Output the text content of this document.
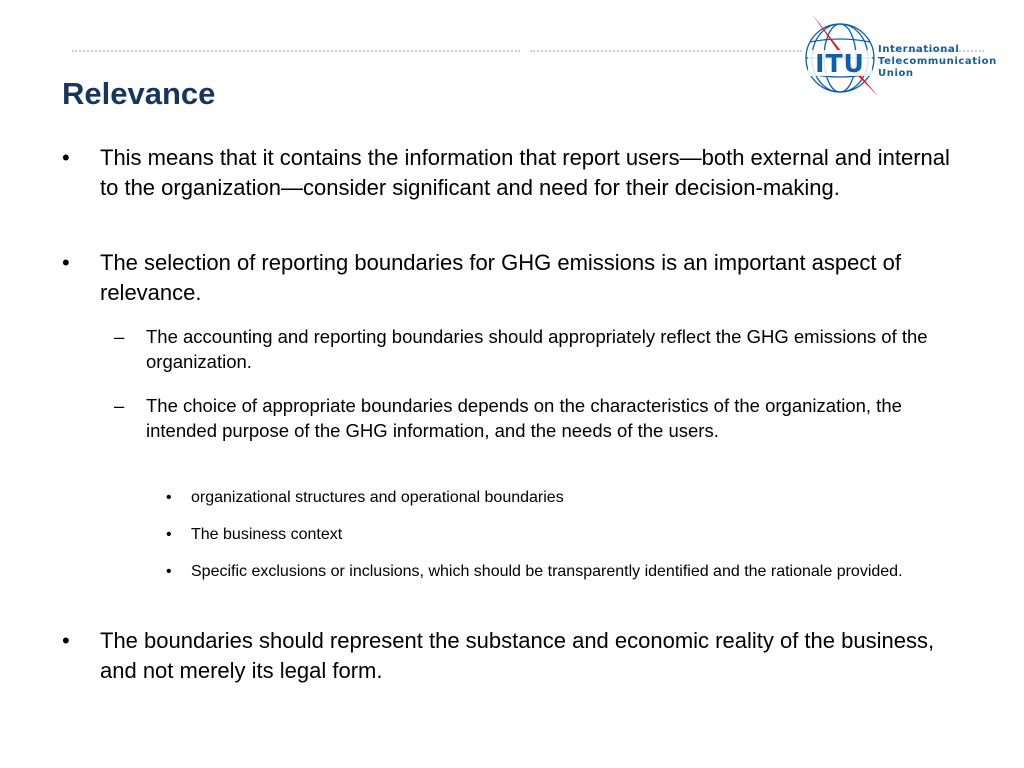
Relevance
ITU International
Telecommunication
Union
•	This means that it contains the information that report users—both external and internal to the organization—consider significant and need for their decision-making.
•	The selection of reporting boundaries for GHG emissions is an important aspect of relevance.
–	The accounting and reporting boundaries should appropriately reflect the GHG emissions of the organization.
–	The choice of appropriate boundaries depends on the characteristics of the organization, the intended purpose of the GHG information, and the needs of the users.
•	organizational structures and operational boundaries
•	The business context
•	Specific exclusions or inclusions, which should be transparently identified and the rationale provided.
•	The boundaries should represent the substance and economic reality of the business, and not merely its legal form.
